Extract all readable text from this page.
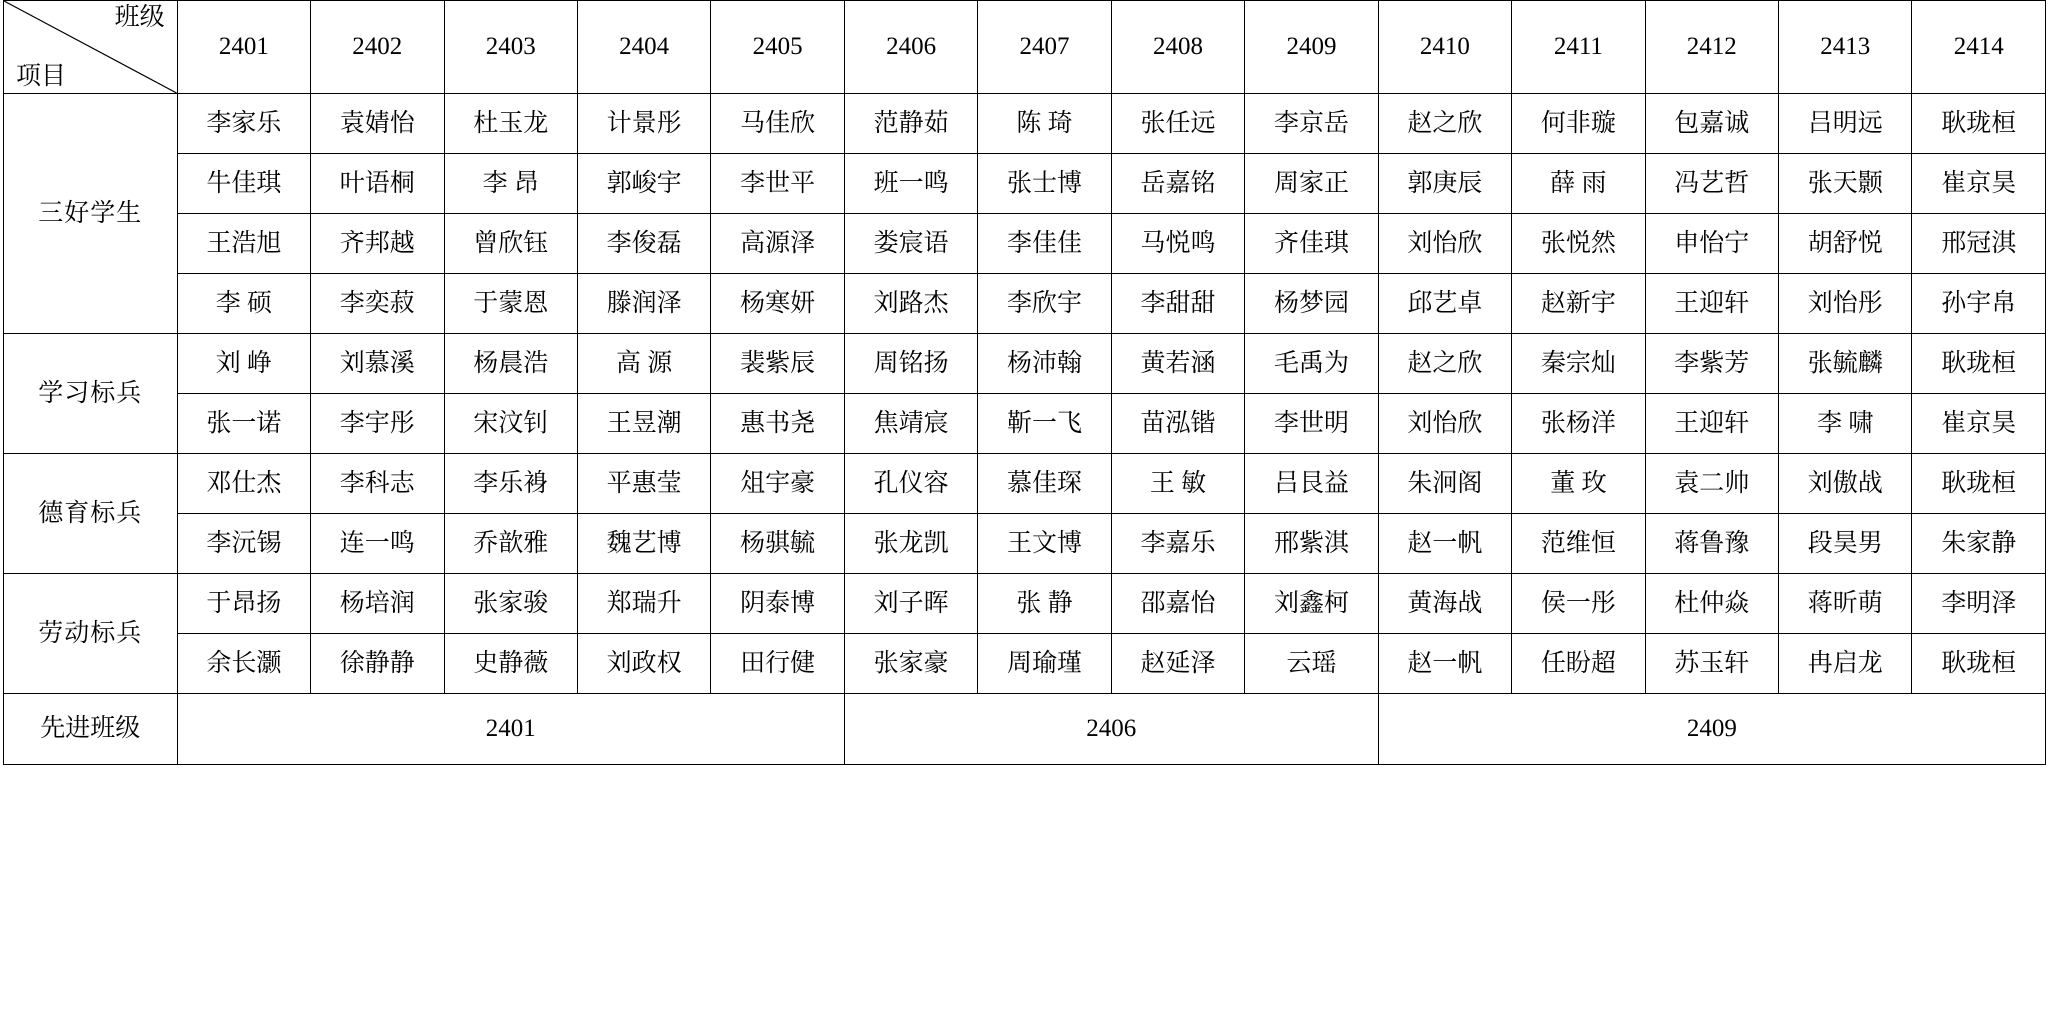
班级
项目	2401	2402	2403	2404	2405	2406	2407	2408	2409	2410	2411	2412	2413	2414
三好学生	李家乐	袁婧怡	杜玉龙	计景彤	马佳欣	范静茹	陈 琦	张任远	李京岳	赵之欣	何非璇	包嘉诚	吕明远	耿珑桓
	牛佳琪	叶语桐	李 昂	郭峻宇	李世平	班一鸣	张士博	岳嘉铭	周家正	郭庚辰	薛 雨	冯艺哲	张天颢	崔京昊
	王浩旭	齐邦越	曾欣钰	李俊磊	高源泽	娄宸语	李佳佳	马悦鸣	齐佳琪	刘怡欣	张悦然	申怡宁	胡舒悦	邢冠淇
	李 硕	李奕菽	于蒙恩	滕润泽	杨寒妍	刘路杰	李欣宇	李甜甜	杨梦园	邱艺卓	赵新宇	王迎轩	刘怡彤	孙宇帛
学习标兵	刘 峥	刘慕溪	杨晨浩	高 源	裴紫辰	周铭扬	杨沛翰	黄若涵	毛禹为	赵之欣	秦宗灿	李紫芳	张毓麟	耿珑桓
	张一诺	李宇彤	宋汶钊	王昱潮	惠书尧	焦靖宸	靳一飞	苗泓锴	李世明	刘怡欣	张杨洋	王迎轩	李 啸	崔京昊
德育标兵	邓仕杰	李科志	李乐裑	平惠莹	俎宇豪	孔仪容	慕佳琛	王 敏	吕艮益	朱泂阁	董 玫	袁二帅	刘傲战	耿珑桓
	李沅锡	连一鸣	乔歆雅	魏艺博	杨骐毓	张龙凯	王文博	李嘉乐	邢紫淇	赵一帆	范维恒	蒋鲁豫	段昊男	朱家静
劳动标兵	于昂扬	杨培润	张家骏	郑瑞升	阴泰博	刘子晖	张 静	邵嘉怡	刘鑫柯	黄海战	侯一彤	杜仲焱	蒋昕萌	李明泽
	余长灏	徐静静	史静薇	刘政权	田行健	张家豪	周瑜瑾	赵延泽	云瑶	赵一帆	任盼超	苏玉轩	冉启龙	耿珑桓
先进班级	2401					2406				2409				
